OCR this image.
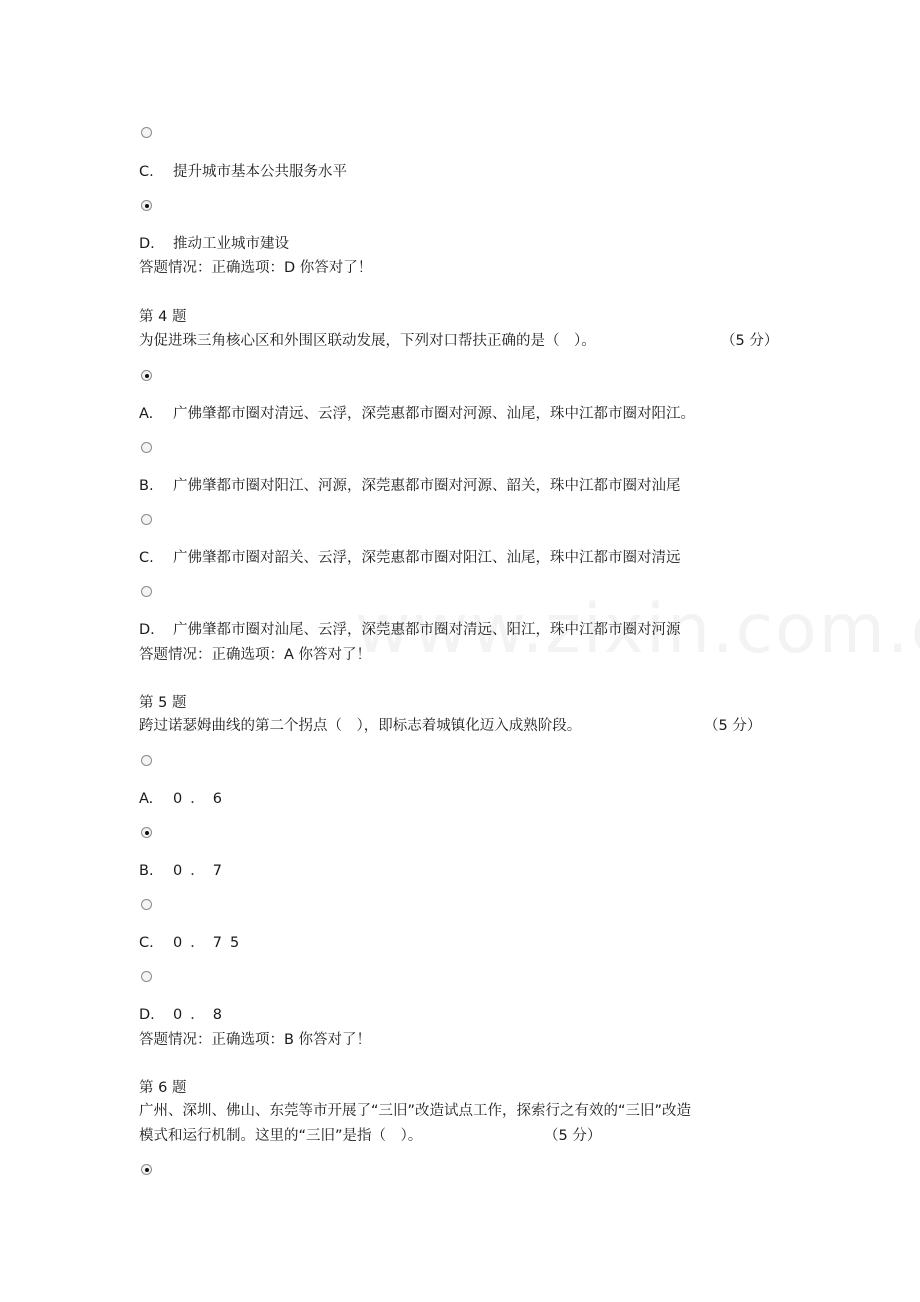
C. 提升城市基本公共服务水平
D. 推动工业城市建设
答题情况：正确选项：D 你答对了！
第 4 题
为促进珠三角核心区和外围区联动发展，下列对口帮扶正确的是（　）。	（5 分）
A. 广佛肇都市圈对清远、云浮，深莞惠都市圈对河源、汕尾，珠中江都市圈对阳江。
B. 广佛肇都市圈对阳江、河源，深莞惠都市圈对河源、韶关，珠中江都市圈对汕尾
C. 广佛肇都市圈对韶关、云浮，深莞惠都市圈对阳江、汕尾，珠中江都市圈对清远
D. 广佛肇都市圈对汕尾、云浮，深莞惠都市圈对清远、阳江，珠中江都市圈对河源
答题情况：正确选项：A 你答对了！
第 5 题
跨过诺瑟姆曲线的第二个拐点（　），即标志着城镇化迈入成熟阶段。	（5 分）
A. 0．6
B. 0．7
C. 0．75
D. 0．8
答题情况：正确选项：B 你答对了！
第 6 题
广州、深圳、佛山、东莞等市开展了“三旧”改造试点工作，探索行之有效的“三旧”改造
模式和运行机制。这里的“三旧”是指（　）。	（5 分）
